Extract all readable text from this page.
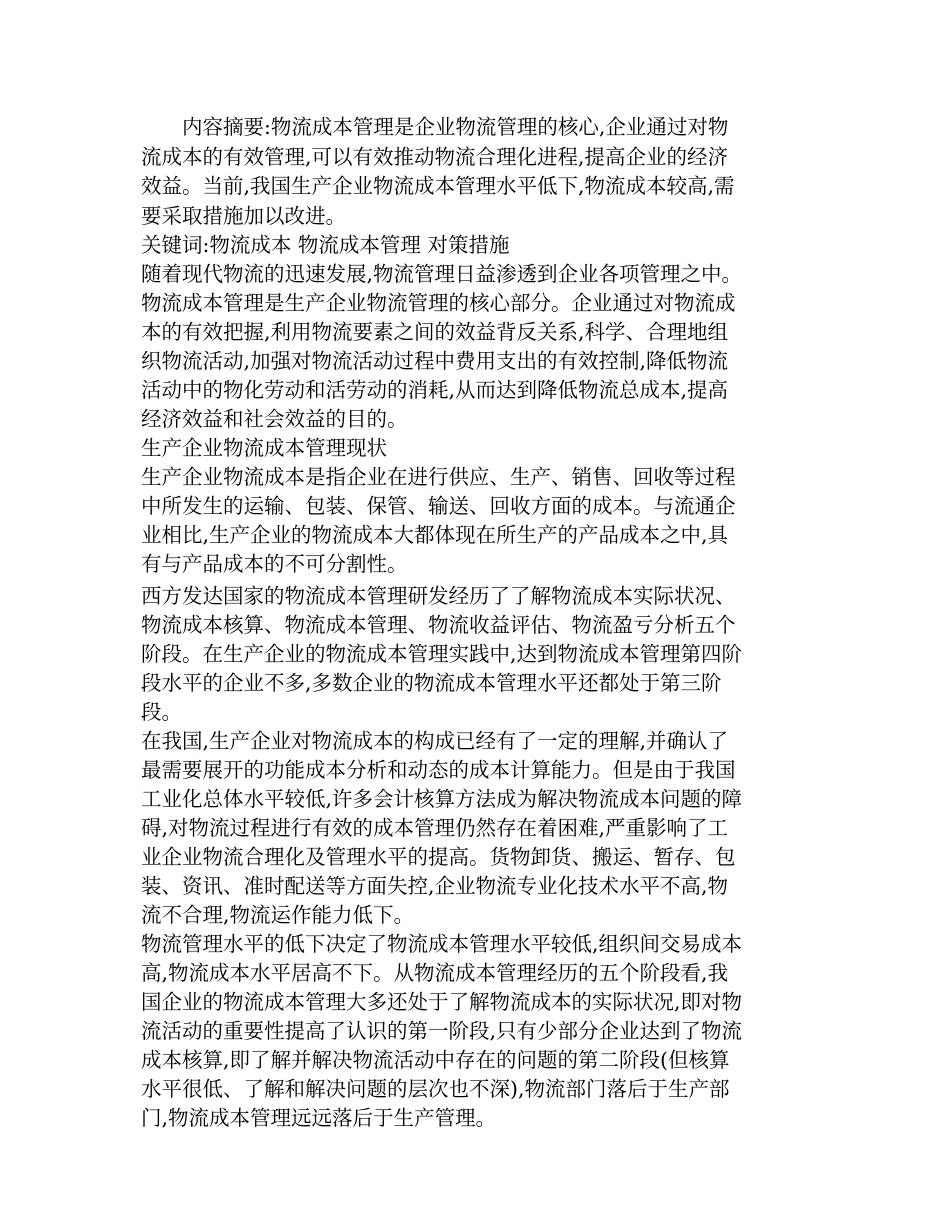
内容摘要:物流成本管理是企业物流管理的核心,企业通过对物流成本的有效管理,可以有效推动物流合理化进程,提高企业的经济效益。当前,我国生产企业物流成本管理水平低下,物流成本较高,需要采取措施加以改进。

关键词:物流成本 物流成本管理 对策措施

随着现代物流的迅速发展,物流管理日益渗透到企业各项管理之中。物流成本管理是生产企业物流管理的核心部分。企业通过对物流成本的有效把握,利用物流要素之间的效益背反关系,科学、合理地组织物流活动,加强对物流活动过程中费用支出的有效控制,降低物流活动中的物化劳动和活劳动的消耗,从而达到降低物流总成本,提高经济效益和社会效益的目的。

生产企业物流成本管理现状

生产企业物流成本是指企业在进行供应、生产、销售、回收等过程中所发生的运输、包装、保管、输送、回收方面的成本。与流通企业相比,生产企业的物流成本大都体现在所生产的产品成本之中,具有与产品成本的不可分割性。

西方发达国家的物流成本管理研发经历了了解物流成本实际状况、物流成本核算、物流成本管理、物流收益评估、物流盈亏分析五个阶段。在生产企业的物流成本管理实践中,达到物流成本管理第四阶段水平的企业不多,多数企业的物流成本管理水平还都处于第三阶段。

在我国,生产企业对物流成本的构成已经有了一定的理解,并确认了最需要展开的功能成本分析和动态的成本计算能力。但是由于我国工业化总体水平较低,许多会计核算方法成为解决物流成本问题的障碍,对物流过程进行有效的成本管理仍然存在着困难,严重影响了工业企业物流合理化及管理水平的提高。货物卸货、搬运、暂存、包装、资讯、准时配送等方面失控,企业物流专业化技术水平不高,物流不合理,物流运作能力低下。

物流管理水平的低下决定了物流成本管理水平较低,组织间交易成本高,物流成本水平居高不下。从物流成本管理经历的五个阶段看,我国企业的物流成本管理大多还处于了解物流成本的实际状况,即对物流活动的重要性提高了认识的第一阶段,只有少部分企业达到了物流成本核算,即了解并解决物流活动中存在的问题的第二阶段(但核算水平很低、了解和解决问题的层次也不深),物流部门落后于生产部门,物流成本管理远远落后于生产管理。
